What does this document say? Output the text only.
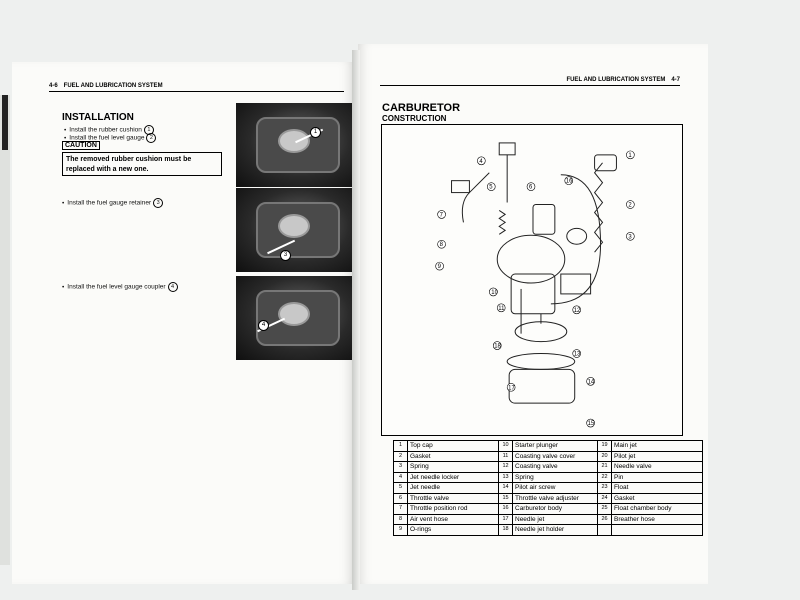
4-6 FUEL AND LUBRICATION SYSTEM
INSTALLATION
• Install the rubber cushion 1
• Install the fuel level gauge 2
CAUTION
The removed rubber cushion must be replaced with a new one.
• Install the fuel gauge retainer 3
• Install the fuel level gauge coupler 4
1
3
4
FUEL AND LUBRICATION SYSTEM 4-7
CARBURETOR
CONSTRUCTION
1
2
3
4
5	6
7
8
9
10
11	12
13
14
15
16
17
18
1	Top cap	10	Starter plunger	19	Main jet
2	Gasket	11	Coasting valve cover	20	Pilot jet
3	Spring	12	Coasting valve	21	Needle valve
4	Jet needle locker	13	Spring	22	Pin
5	Jet needle	14	Pilot air screw	23	Float
6	Throttle valve	15	Throttle valve adjuster	24	Gasket
7	Throttle position rod	16	Carburetor body	25	Float chamber body
8	Air vent hose	17	Needle jet	26	Breather hose
9	O-rings	18	Needle jet holder		
